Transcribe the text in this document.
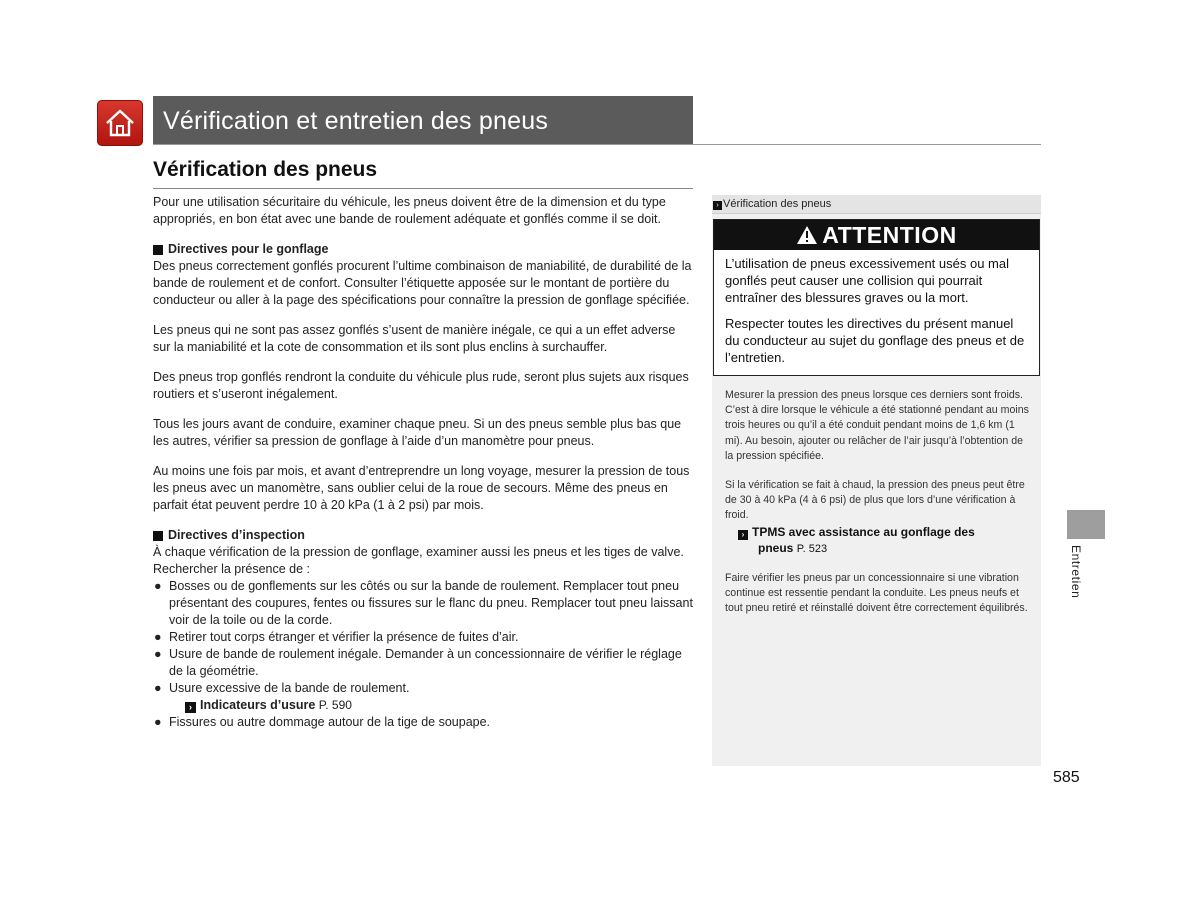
Vérification et entretien des pneus
Vérification des pneus

Pour une utilisation sécuritaire du véhicule, les pneus doivent être de la dimension et du type appropriés, en bon état avec une bande de roulement adéquate et gonflés comme il se doit.

Directives pour le gonflage

Des pneus correctement gonflés procurent l’ultime combinaison de maniabilité, de durabilité de la bande de roulement et de confort. Consulter l’étiquette apposée sur le montant de portière du conducteur ou aller à la page des spécifications pour connaître la pression de gonflage spécifiée.

Les pneus qui ne sont pas assez gonflés s’usent de manière inégale, ce qui a un effet adverse sur la maniabilité et la cote de consommation et ils sont plus enclins à surchauffer.

Des pneus trop gonflés rendront la conduite du véhicule plus rude, seront plus sujets aux risques routiers et s’useront inégalement.

Tous les jours avant de conduire, examiner chaque pneu. Si un des pneus semble plus bas que les autres, vérifier sa pression de gonflage à l’aide d’un manomètre pour pneus.

Au moins une fois par mois, et avant d’entreprendre un long voyage, mesurer la pression de tous les pneus avec un manomètre, sans oublier celui de la roue de secours. Même des pneus en parfait état peuvent perdre 10 à 20 kPa (1 à 2 psi) par mois.

Directives d’inspection

À chaque vérification de la pression de gonflage, examiner aussi les pneus et les tiges de valve. Rechercher la présence de :

● Bosses ou de gonflements sur les côtés ou sur la bande de roulement. Remplacer tout pneu présentant des coupures, fentes ou fissures sur le flanc du pneu. Remplacer tout pneu laissant voir de la toile ou de la corde.
● Retirer tout corps étranger et vérifier la présence de fuites d’air.
● Usure de bande de roulement inégale. Demander à un concessionnaire de vérifier le réglage de la géométrie.
● Usure excessive de la bande de roulement.
› Indicateurs d’usure P. 590
● Fissures ou autre dommage autour de la tige de soupape.
› Vérification des pneus
ATTENTION

L’utilisation de pneus excessivement usés ou mal gonflés peut causer une collision qui pourrait entraîner des blessures graves ou la mort.

Respecter toutes les directives du présent manuel du conducteur au sujet du gonflage des pneus et de l’entretien.

Mesurer la pression des pneus lorsque ces derniers sont froids. C’est à dire lorsque le véhicule a été stationné pendant au moins trois heures ou qu’il a été conduit pendant moins de 1,6 km (1 mi). Au besoin, ajouter ou relâcher de l’air jusqu’à l’obtention de la pression spécifiée.

Si la vérification se fait à chaud, la pression des pneus peut être de 30 à 40 kPa (4 à 6 psi) de plus que lors d’une vérification à froid.

› TPMS avec assistance au gonflage des
pneus P. 523

Faire vérifier les pneus par un concessionnaire si une vibration continue est ressentie pendant la conduite. Les pneus neufs et tout pneu retiré et réinstallé doivent être correctement équilibrés.

Entretien
585
